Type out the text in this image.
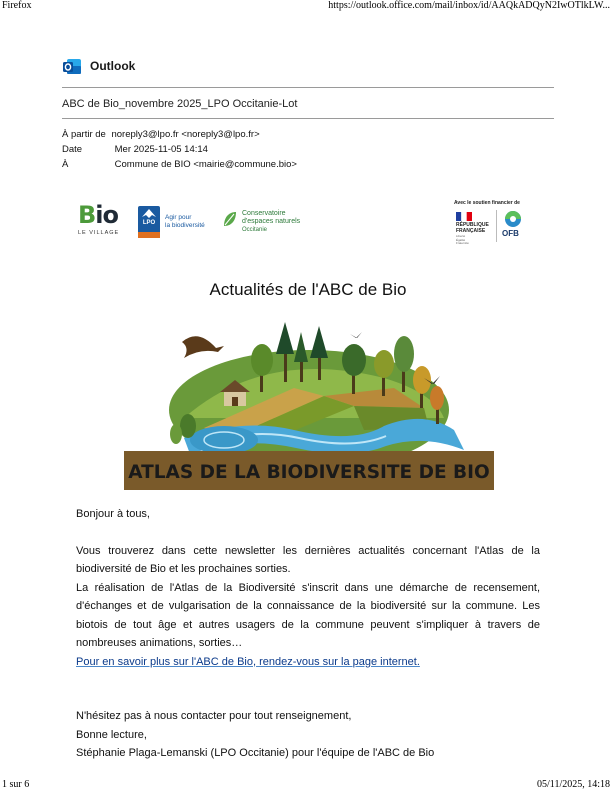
Firefox	https://outlook.office.com/mail/inbox/id/AAQkADQyN2IwOTlkLW...
Outlook
ABC de Bio_novembre 2025_LPO Occitanie-Lot
À partir de noreply3@lpo.fr <noreply3@lpo.fr>
Date	Mer 2025-11-05 14:14
À	Commune de BIO <mairie@commune.bio>
Bio
LE VILLAGE
LPO
Agir pour
la biodiversité
Conservatoire
d'espaces naturels
Occitanie
Avec le soutien financier de
RÉPUBLIQUE
FRANÇAISE
Liberté
Égalité
Fraternité
OFB
Actualités de l'ABC de Bio
ATLAS DE LA BIODIVERSITE DE BIO

Bonjour à tous,

Vous trouverez dans cette newsletter les dernières actualités concernant l'Atlas de la biodiversité de Bio et les prochaines sorties.

La réalisation de l'Atlas de la Biodiversité s'inscrit dans une démarche de recensement, d'échanges et de vulgarisation de la connaissance de la biodiversité sur la commune. Les biotois de tout âge et autres usagers de la commune peuvent s'impliquer à travers de nombreuses animations, sorties…

Pour en savoir plus sur l'ABC de Bio, rendez-vous sur la page internet.

N'hésitez pas à nous contacter pour tout renseignement,

Bonne lecture,

Stéphanie Plaga-Lemanski (LPO Occitanie) pour l'équipe de l'ABC de Bio

1 sur 6	05/11/2025, 14:18
